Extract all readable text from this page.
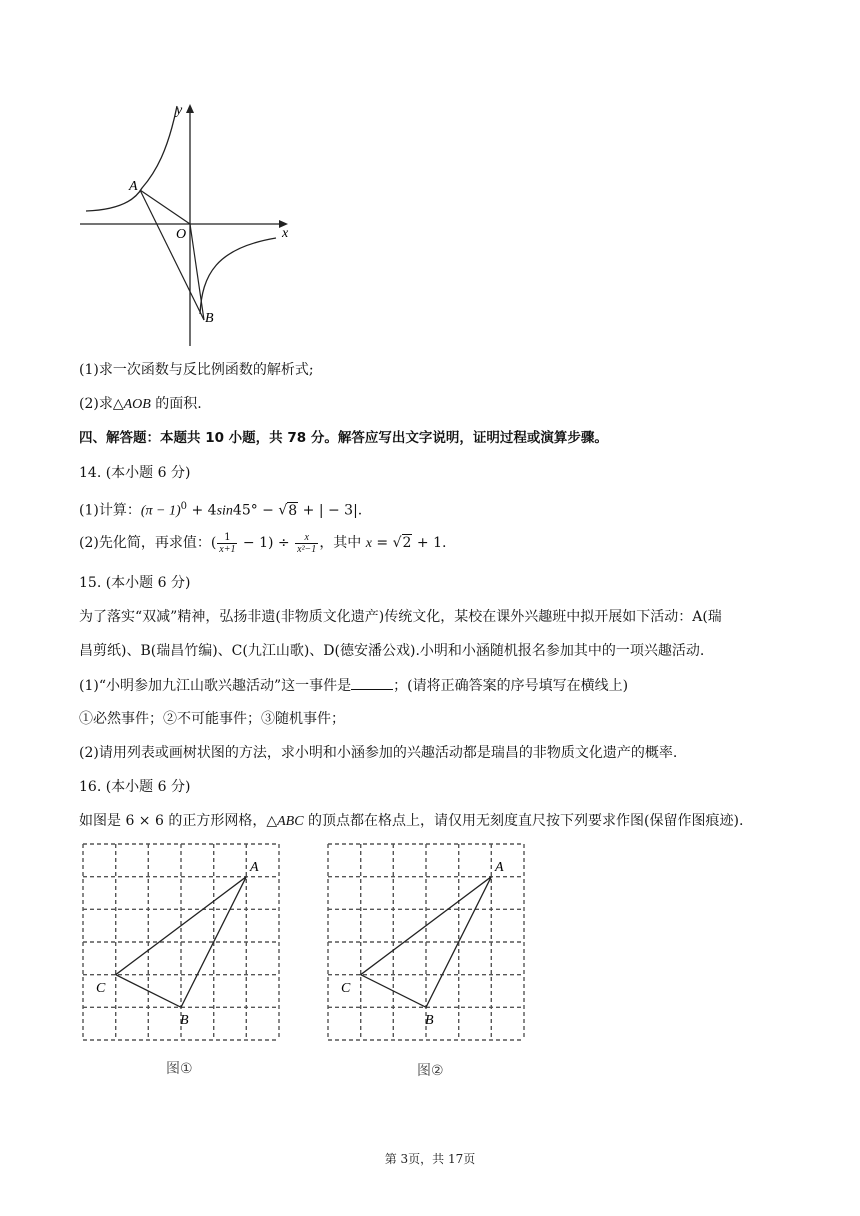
y
x
O
A
B
(1)求一次函数与反比例函数的解析式;
(2)求△AOB 的面积.
四、解答题：本题共 10 小题，共 78 分。解答应写出文字说明，证明过程或演算步骤。
14. (本小题 6 分)
(1)计算：$(\pi - 1)^0 + 4\sin 45^\circ - √8$ + | − 3|.
(2)先化简，再求值：( $\frac{1}{x+1} - 1) \div \frac{x}{\text{x²−1}}$ ，其中 x = √2 + 1.
15. (本小题 6 分)
为了落实“双减”精神，弘扬非遗(非物质文化遗产)传统文化，某校在课外兴趣班中拟开展如下活动：A(瑞
昌剪纸)、B(瑞昌竹编)、C(九江山歌)、D(德安潘公戏).小明和小涵随机报名参加其中的一项兴趣活动.
(1)“小明参加九江山歌兴趣活动”这一事件是	；(请将正确答案的序号填写在横线上)
①必然事件；②不可能事件；③随机事件；
(2)请用列表或画树状图的方法，求小明和小涵参加的兴趣活动都是瑞昌的非物质文化遗产的概率.
16. (本小题 6 分)
如图是 6 × 6 的正方形网格，△ABC 的顶点都在格点上，请仅用无刻度直尺按下列要求作图(保留作图痕迹).
A
C
B
图①
A
C
B
图②
第 3页，共 17页
